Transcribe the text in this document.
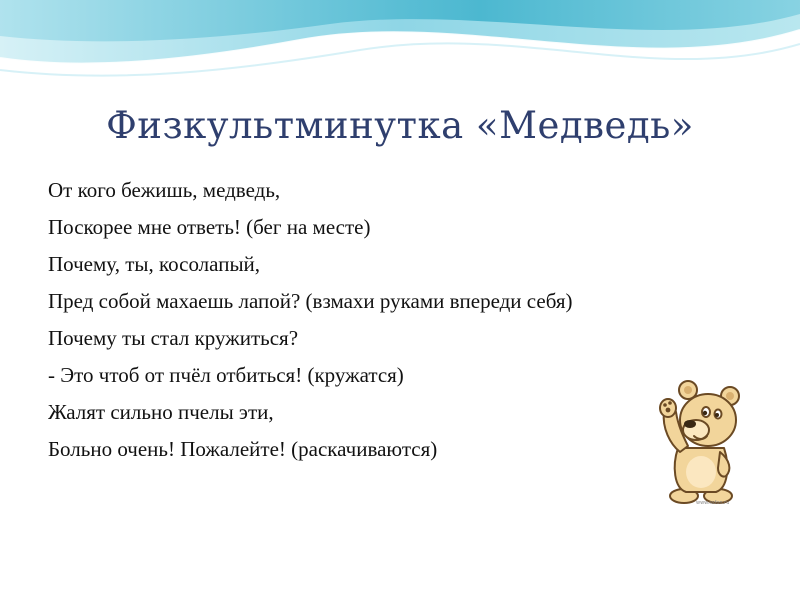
Физкультминутка «Медведь»
От кого бежишь, медведь,
Поскорее мне ответь! (бег на месте)
Почему, ты, косолапый,
Пред собой махаешь лапой? (взмахи руками впереди себя)
Почему ты стал кружиться?
- Это чтоб от пчёл отбиться! (кружатся)
Жалят сильно пчелы эти,
Больно очень! Пожалейте! (раскачиваются)
www.ssfon.ru
